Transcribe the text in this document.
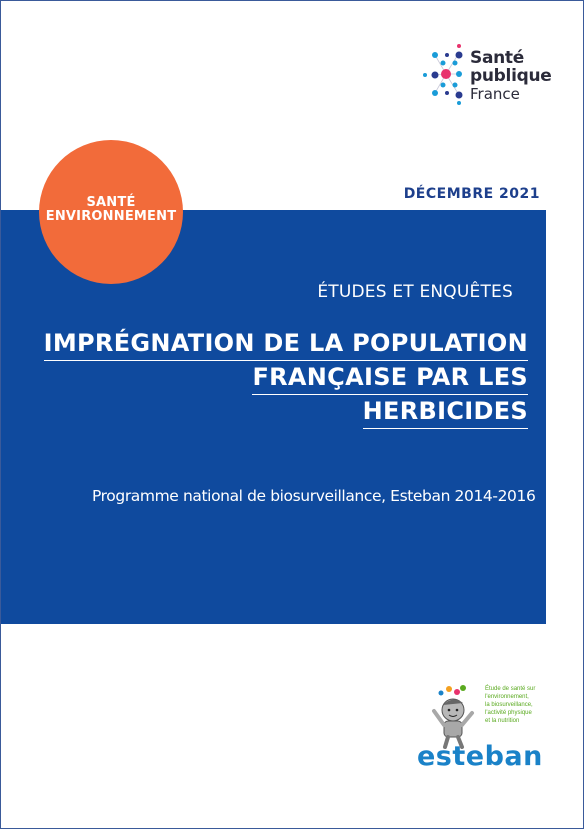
Santé
publique
France
DÉCEMBRE 2021
SANTÉ
ENVIRONNEMENT
ÉTUDES ET ENQUÊTES
IMPRÉGNATION DE LA POPULATION
FRANÇAISE PAR LES
HERBICIDES
Programme national de biosurveillance, Esteban 2014-2016
Étude de santé sur
l'environnement,
la biosurveillance,
l'activité physique
et la nutrition
esteban
